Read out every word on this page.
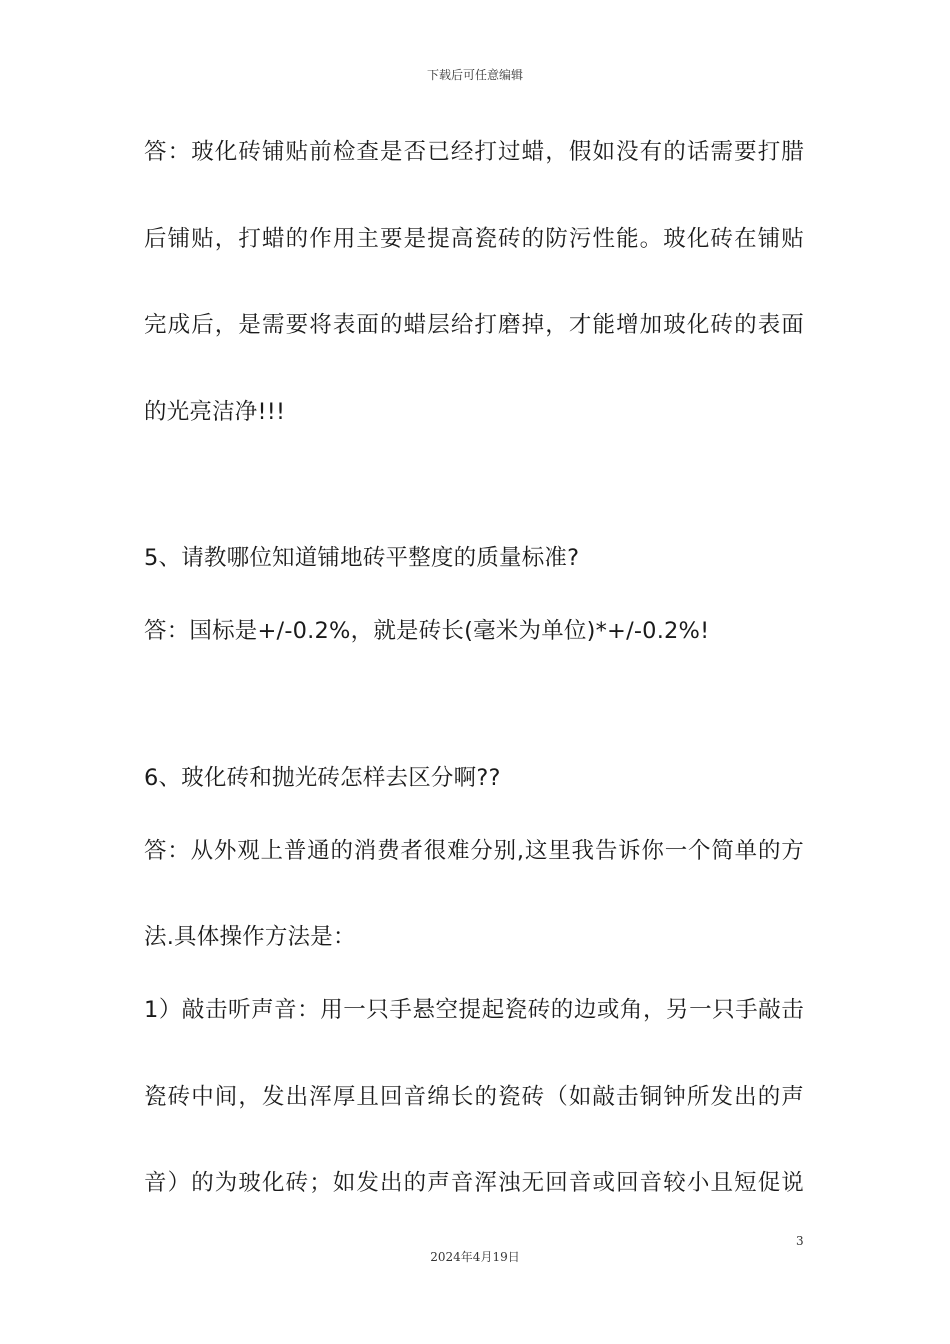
下载后可任意编辑
答：玻化砖铺贴前检查是否已经打过蜡，假如没有的话需要打腊
后铺贴，打蜡的作用主要是提高瓷砖的防污性能。玻化砖在铺贴
完成后，是需要将表面的蜡层给打磨掉，才能增加玻化砖的表面
的光亮洁净!!!
5、请教哪位知道铺地砖平整度的质量标准?
答：国标是+/-0.2%，就是砖长(毫米为单位)*+/-0.2%!
6、玻化砖和抛光砖怎样去区分啊??
答：从外观上普通的消费者很难分别,这里我告诉你一个简单的方
法.具体操作方法是：
1）敲击听声音：用一只手悬空提起瓷砖的边或角，另一只手敲击
瓷砖中间，发出浑厚且回音绵长的瓷砖（如敲击铜钟所发出的声
音）的为玻化砖；如发出的声音浑浊无回音或回音较小且短促说
3
2024年4月19日
